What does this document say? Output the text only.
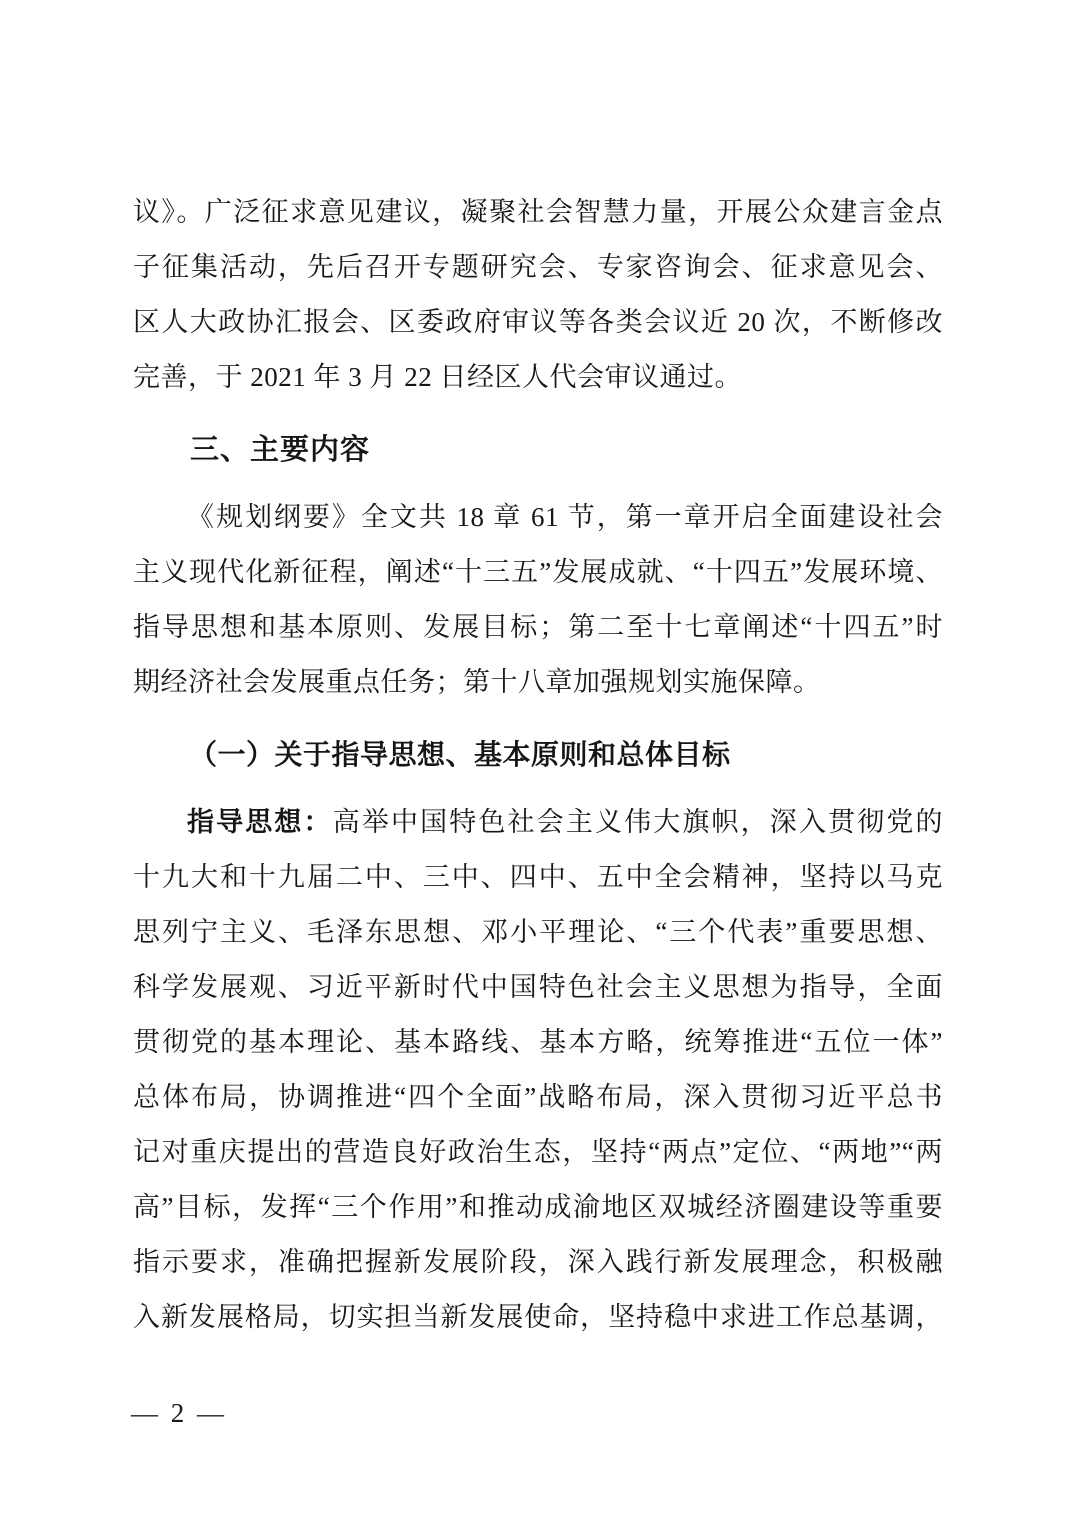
议》。广泛征求意见建议，凝聚社会智慧力量，开展公众建言金点
子征集活动，先后召开专题研究会、专家咨询会、征求意见会、
区人大政协汇报会、区委政府审议等各类会议近 20 次，不断修改
完善，于 2021 年 3 月 22 日经区人代会审议通过。
三、主要内容
《规划纲要》全文共 18 章 61 节，第一章开启全面建设社会
主义现代化新征程，阐述“十三五”发展成就、“十四五”发展环境、
指导思想和基本原则、发展目标；第二至十七章阐述“十四五”时
期经济社会发展重点任务；第十八章加强规划实施保障。
（一）关于指导思想、基本原则和总体目标
指导思想：高举中国特色社会主义伟大旗帜，深入贯彻党的
十九大和十九届二中、三中、四中、五中全会精神，坚持以马克
思列宁主义、毛泽东思想、邓小平理论、“三个代表”重要思想、
科学发展观、习近平新时代中国特色社会主义思想为指导，全面
贯彻党的基本理论、基本路线、基本方略，统筹推进“五位一体”
总体布局，协调推进“四个全面”战略布局，深入贯彻习近平总书
记对重庆提出的营造良好政治生态，坚持“两点”定位、“两地”“两
高”目标，发挥“三个作用”和推动成渝地区双城经济圈建设等重要
指示要求，准确把握新发展阶段，深入践行新发展理念，积极融
入新发展格局，切实担当新发展使命，坚持稳中求进工作总基调，
— 2 —
